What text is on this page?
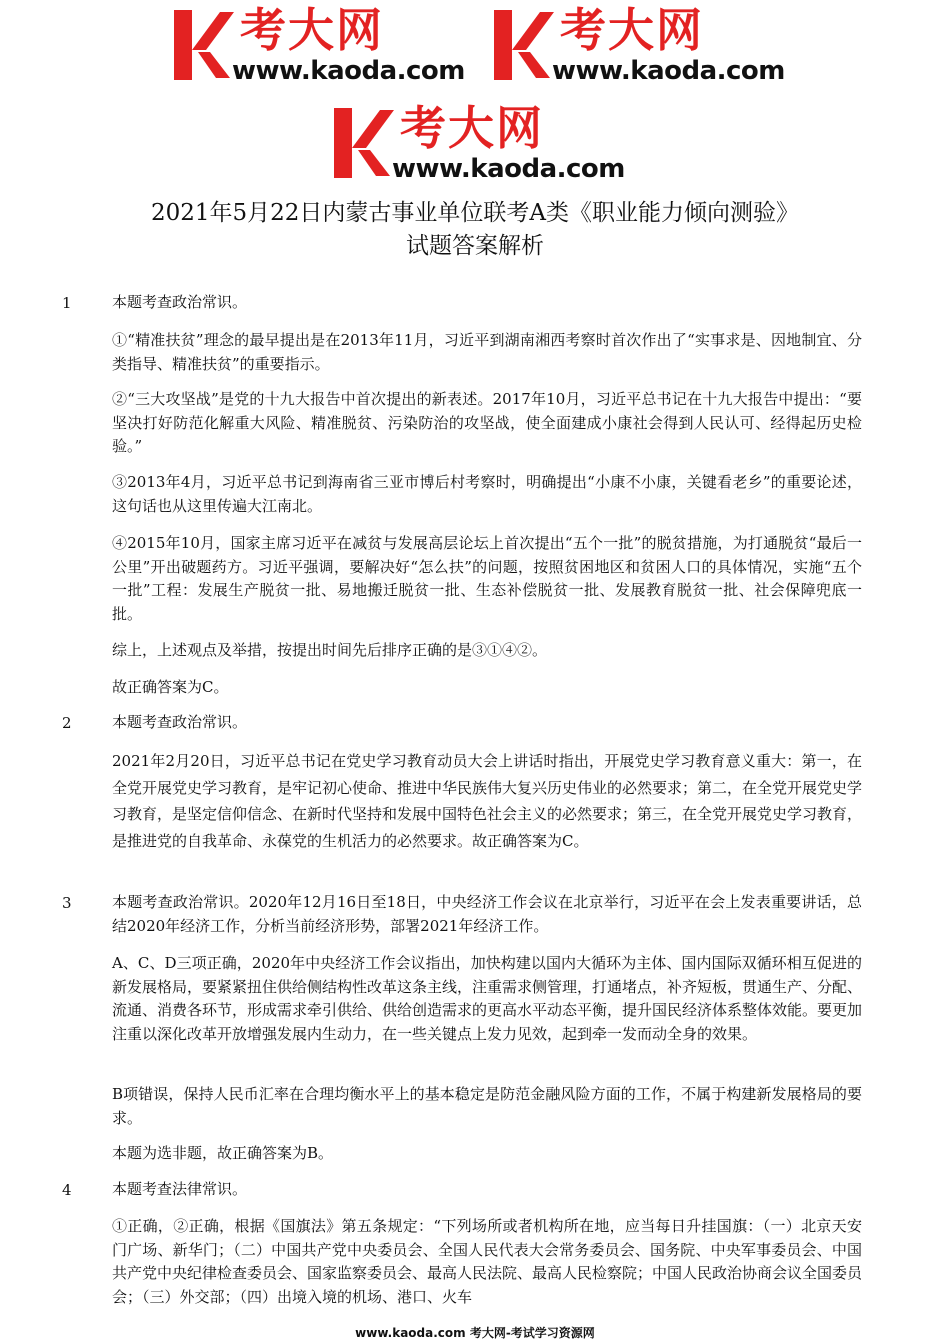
考大网
www.kaoda.com
考大网
www.kaoda.com
考大网
www.kaoda.com
2021年5月22日内蒙古事业单位联考A类《职业能力倾向测验》
试题答案解析
1	本题考查政治常识。
①“精准扶贫”理念的最早提出是在2013年11月，习近平到湖南湘西考察时首次作出了“实事求是、因地制宜、分类指导、精准扶贫”的重要指示。
②“三大攻坚战”是党的十九大报告中首次提出的新表述。2017年10月，习近平总书记在十九大报告中提出：“要坚决打好防范化解重大风险、精准脱贫、污染防治的攻坚战，使全面建成小康社会得到人民认可、经得起历史检验。”
③2013年4月，习近平总书记到海南省三亚市博后村考察时，明确提出“小康不小康，关键看老乡”的重要论述，这句话也从这里传遍大江南北。
④2015年10月，国家主席习近平在减贫与发展高层论坛上首次提出“五个一批”的脱贫措施，为打通脱贫“最后一公里”开出破题药方。习近平强调，要解决好“怎么扶”的问题，按照贫困地区和贫困人口的具体情况，实施“五个一批”工程：发展生产脱贫一批、易地搬迁脱贫一批、生态补偿脱贫一批、发展教育脱贫一批、社会保障兜底一批。
综上，上述观点及举措，按提出时间先后排序正确的是③①④②。
故正确答案为C。
2	本题考查政治常识。
2021年2月20日，习近平总书记在党史学习教育动员大会上讲话时指出，开展党史学习教育意义重大：第一，在全党开展党史学习教育，是牢记初心使命、推进中华民族伟大复兴历史伟业的必然要求；第二，在全党开展党史学习教育，是坚定信仰信念、在新时代坚持和发展中国特色社会主义的必然要求；第三，在全党开展党史学习教育，是推进党的自我革命、永葆党的生机活力的必然要求。故正确答案为C。
3	本题考查政治常识。2020年12月16日至18日，中央经济工作会议在北京举行，习近平在会上发表重要讲话，总结2020年经济工作，分析当前经济形势，部署2021年经济工作。
A、C、D三项正确，2020年中央经济工作会议指出，加快构建以国内大循环为主体、国内国际双循环相互促进的新发展格局，要紧紧扭住供给侧结构性改革这条主线，注重需求侧管理，打通堵点，补齐短板，贯通生产、分配、流通、消费各环节，形成需求牵引供给、供给创造需求的更高水平动态平衡，提升国民经济体系整体效能。要更加注重以深化改革开放增强发展内生动力，在一些关键点上发力见效，起到牵一发而动全身的效果。
B项错误，保持人民币汇率在合理均衡水平上的基本稳定是防范金融风险方面的工作，不属于构建新发展格局的要求。
本题为选非题，故正确答案为B。
4	本题考查法律常识。
①正确，②正确，根据《国旗法》第五条规定：“下列场所或者机构所在地，应当每日升挂国旗：（一）北京天安门广场、新华门；（二）中国共产党中央委员会、全国人民代表大会常务委员会、国务院、中央军事委员会、中国共产党中央纪律检查委员会、国家监察委员会、最高人民法院、最高人民检察院；中国人民政治协商会议全国委员会；（三）外交部；（四）出境入境的机场、港口、火车
www.kaoda.com 考大网-考试学习资源网
